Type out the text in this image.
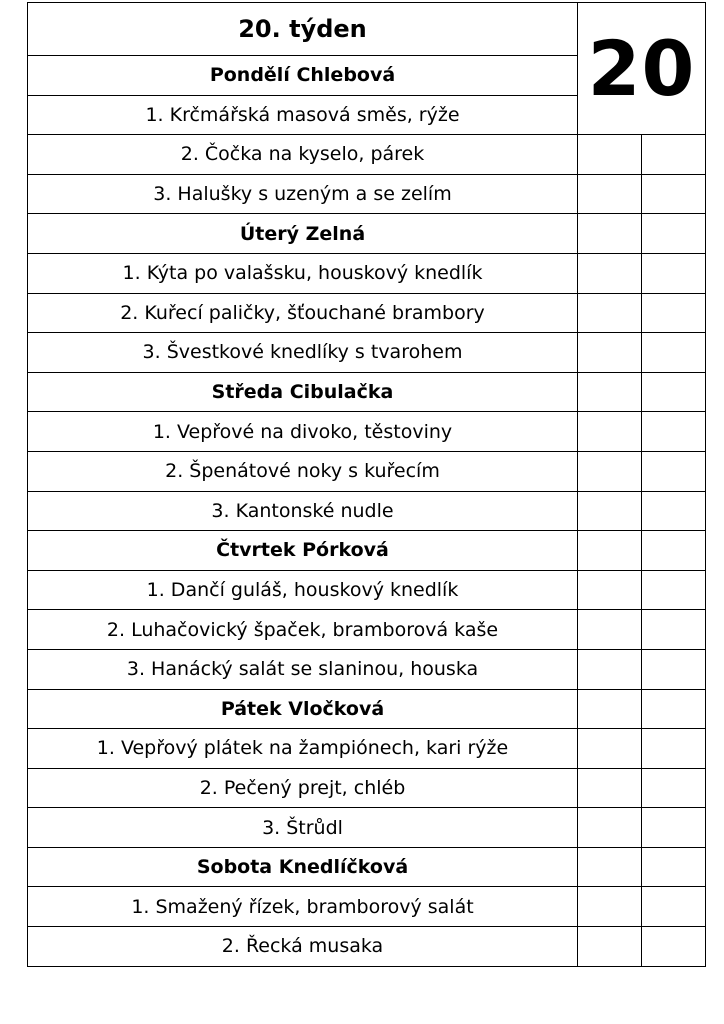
20. týden	20	
Pondělí Chlebová		
1. Krčmářská masová směs, rýže		
2. Čočka na kyselo, párek		
3. Halušky s uzeným a se zelím		
Úterý Zelná		
1. Kýta po valašsku, houskový knedlík		
2. Kuřecí paličky, šťouchané brambory		
3. Švestkové knedlíky s tvarohem		
Středa Cibulačka		
1. Vepřové na divoko, těstoviny		
2. Špenátové noky s kuřecím		
3. Kantonské nudle		
Čtvrtek Pórková		
1. Dančí guláš, houskový knedlík		
2. Luhačovický špaček, bramborová kaše		
3. Hanácký salát se slaninou, houska		
Pátek Vločková		
1. Vepřový plátek na žampiónech, kari rýže		
2. Pečený prejt, chléb		
3. Štrůdl		
Sobota Knedlíčková		
1. Smažený řízek, bramborový salát		
2. Řecká musaka		
